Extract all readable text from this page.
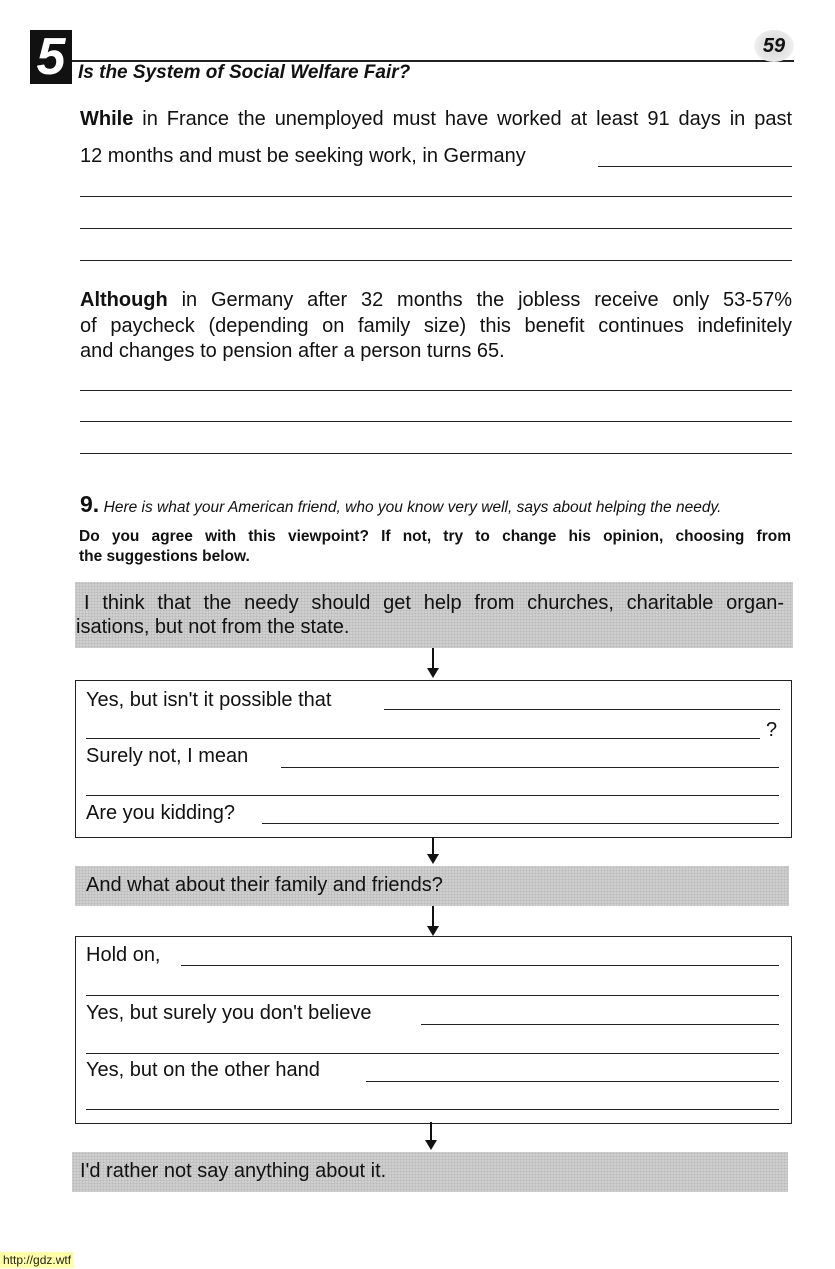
5	59
Is the System of Social Welfare Fair?
While in France the unemployed must have worked at least 91 days in past
12 months and must be seeking work, in Germany
Although in Germany after 32 months the jobless receive only 53-57%
of paycheck (depending on family size) this benefit continues indefinitely
and changes to pension after a person turns 65.
9. Here is what your American friend, who you know very well, says about helping the needy.
Do you agree with this viewpoint? If not, try to change his opinion, choosing from
the suggestions below.
I think that the needy should get help from churches, charitable organ-
isations, but not from the state.
Yes, but isn't it possible that
?
Surely not, I mean
Are you kidding?
And what about their family and friends?
Hold on,
Yes, but surely you don't believe
Yes, but on the other hand
I'd rather not say anything about it.
http://gdz.wtf
